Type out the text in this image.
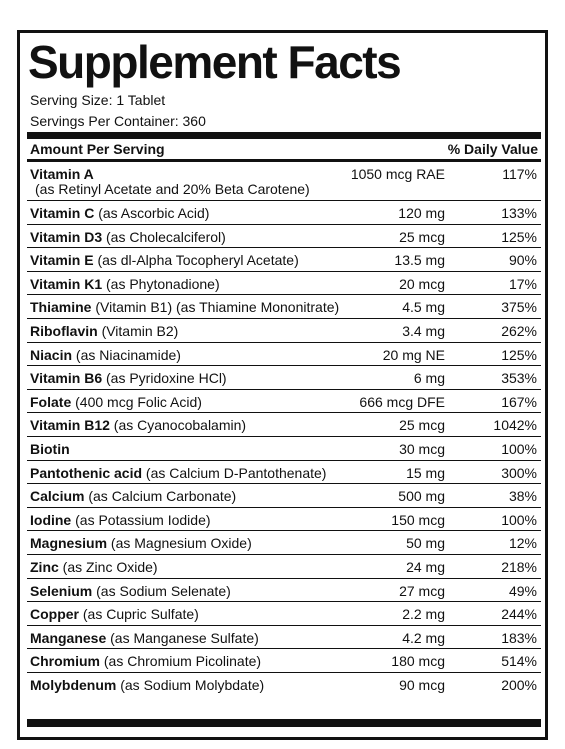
Supplement Facts
Serving Size: 1 Tablet
Servings Per Container: 360
Amount Per Serving	% Daily Value
Vitamin A
(as Retinyl Acetate and 20% Beta Carotene)
1050 mcg RAE	117%
Vitamin C (as Ascorbic Acid)	120 mg	133%
Vitamin D3 (as Cholecalciferol)	25 mcg	125%
Vitamin E (as dl-Alpha Tocopheryl Acetate)	13.5 mg	90%
Vitamin K1 (as Phytonadione)	20 mcg	17%
Thiamine (Vitamin B1) (as Thiamine Mononitrate)	4.5 mg	375%
Riboflavin (Vitamin B2)	3.4 mg	262%
Niacin (as Niacinamide)	20 mg NE	125%
Vitamin B6 (as Pyridoxine HCl)	6 mg	353%
Folate (400 mcg Folic Acid)	666 mcg DFE	167%
Vitamin B12 (as Cyanocobalamin)	25 mcg	1042%
Biotin	30 mcg	100%
Pantothenic acid (as Calcium D-Pantothenate)	15 mg	300%
Calcium (as Calcium Carbonate)	500 mg	38%
Iodine (as Potassium Iodide)	150 mcg	100%
Magnesium (as Magnesium Oxide)	50 mg	12%
Zinc (as Zinc Oxide)	24 mg	218%
Selenium (as Sodium Selenate)	27 mcg	49%
Copper (as Cupric Sulfate)	2.2 mg	244%
Manganese (as Manganese Sulfate)	4.2 mg	183%
Chromium (as Chromium Picolinate)	180 mcg	514%
Molybdenum (as Sodium Molybdate)	90 mcg	200%
